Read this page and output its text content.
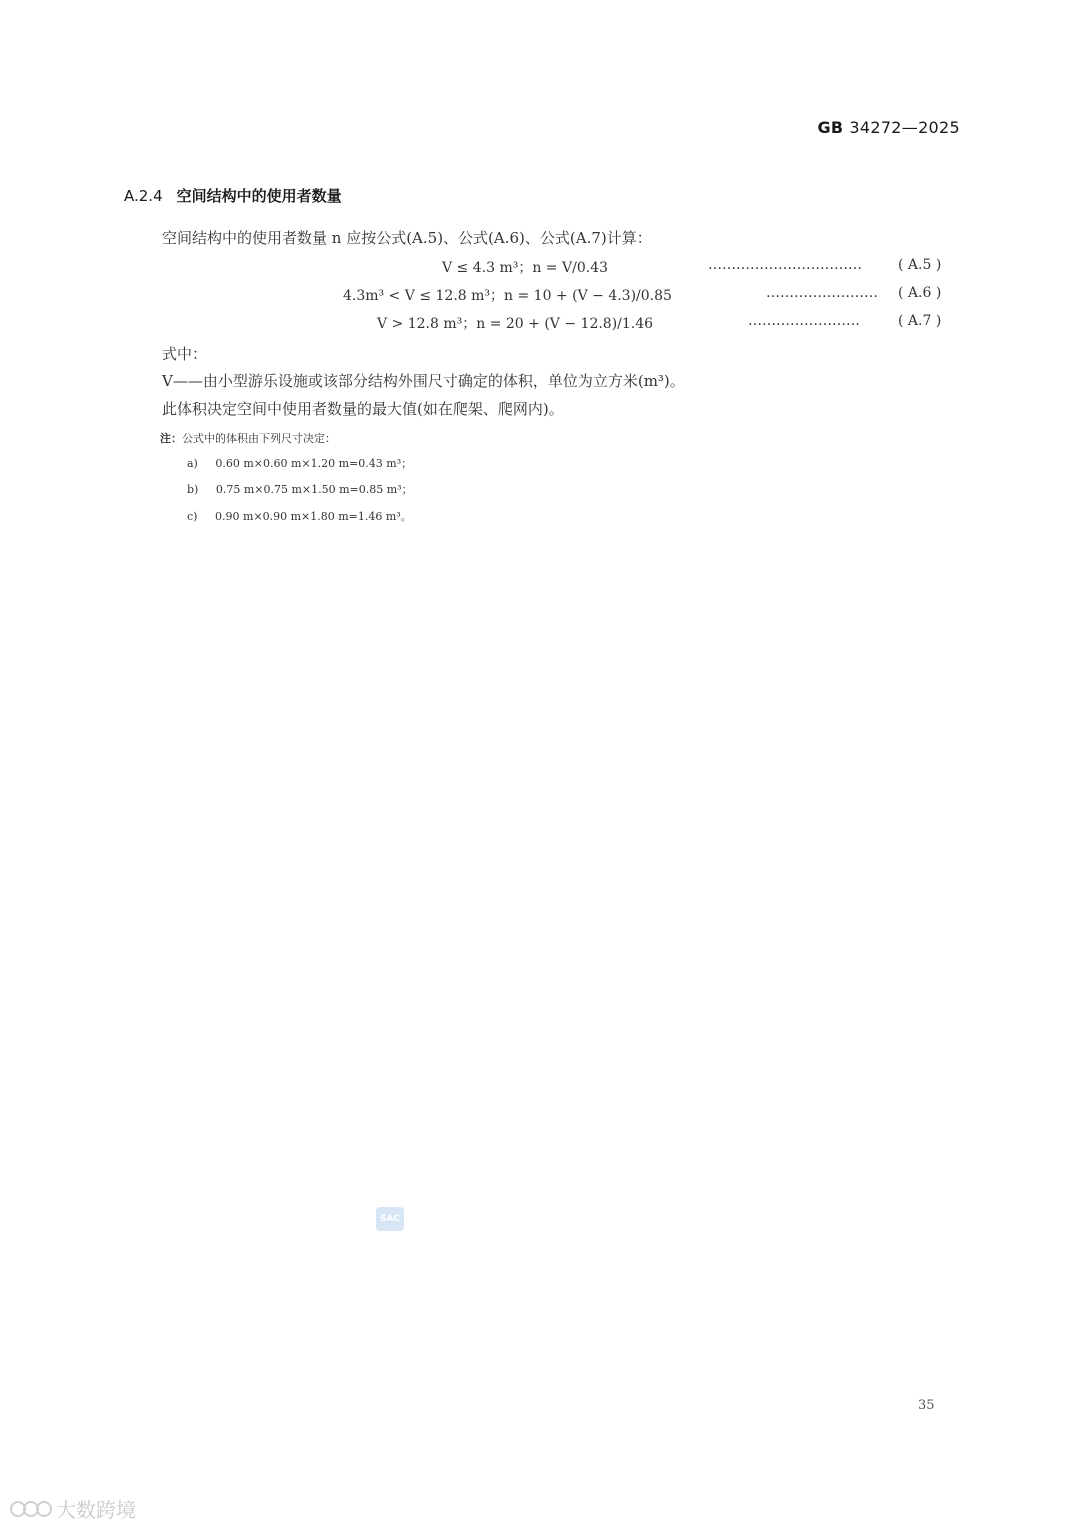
GB 34272—2025
A.2.4 空间结构中的使用者数量
空间结构中的使用者数量 n 应按公式(A.5)、公式(A.6)、公式(A.7)计算：
V ≤ 4.3 m³；n = V/0.43	……………………………	( A.5 )
4.3m³ < V ≤ 12.8 m³；n = 10 + (V − 4.3)/0.85	…………………… ( A.6 )
V > 12.8 m³；n = 20 + (V − 12.8)/1.46	……………………	( A.7 )
式中：
V——由小型游乐设施或该部分结构外围尺寸确定的体积，单位为立方米(m³)。
此体积决定空间中使用者数量的最大值(如在爬架、爬网内)。
注：公式中的体积由下列尺寸决定：
a) 0.60 m×0.60 m×1.20 m=0.43 m³；
b) 0.75 m×0.75 m×1.50 m=0.85 m³；
c) 0.90 m×0.90 m×1.80 m=1.46 m³。
SAC
35
大数跨境
